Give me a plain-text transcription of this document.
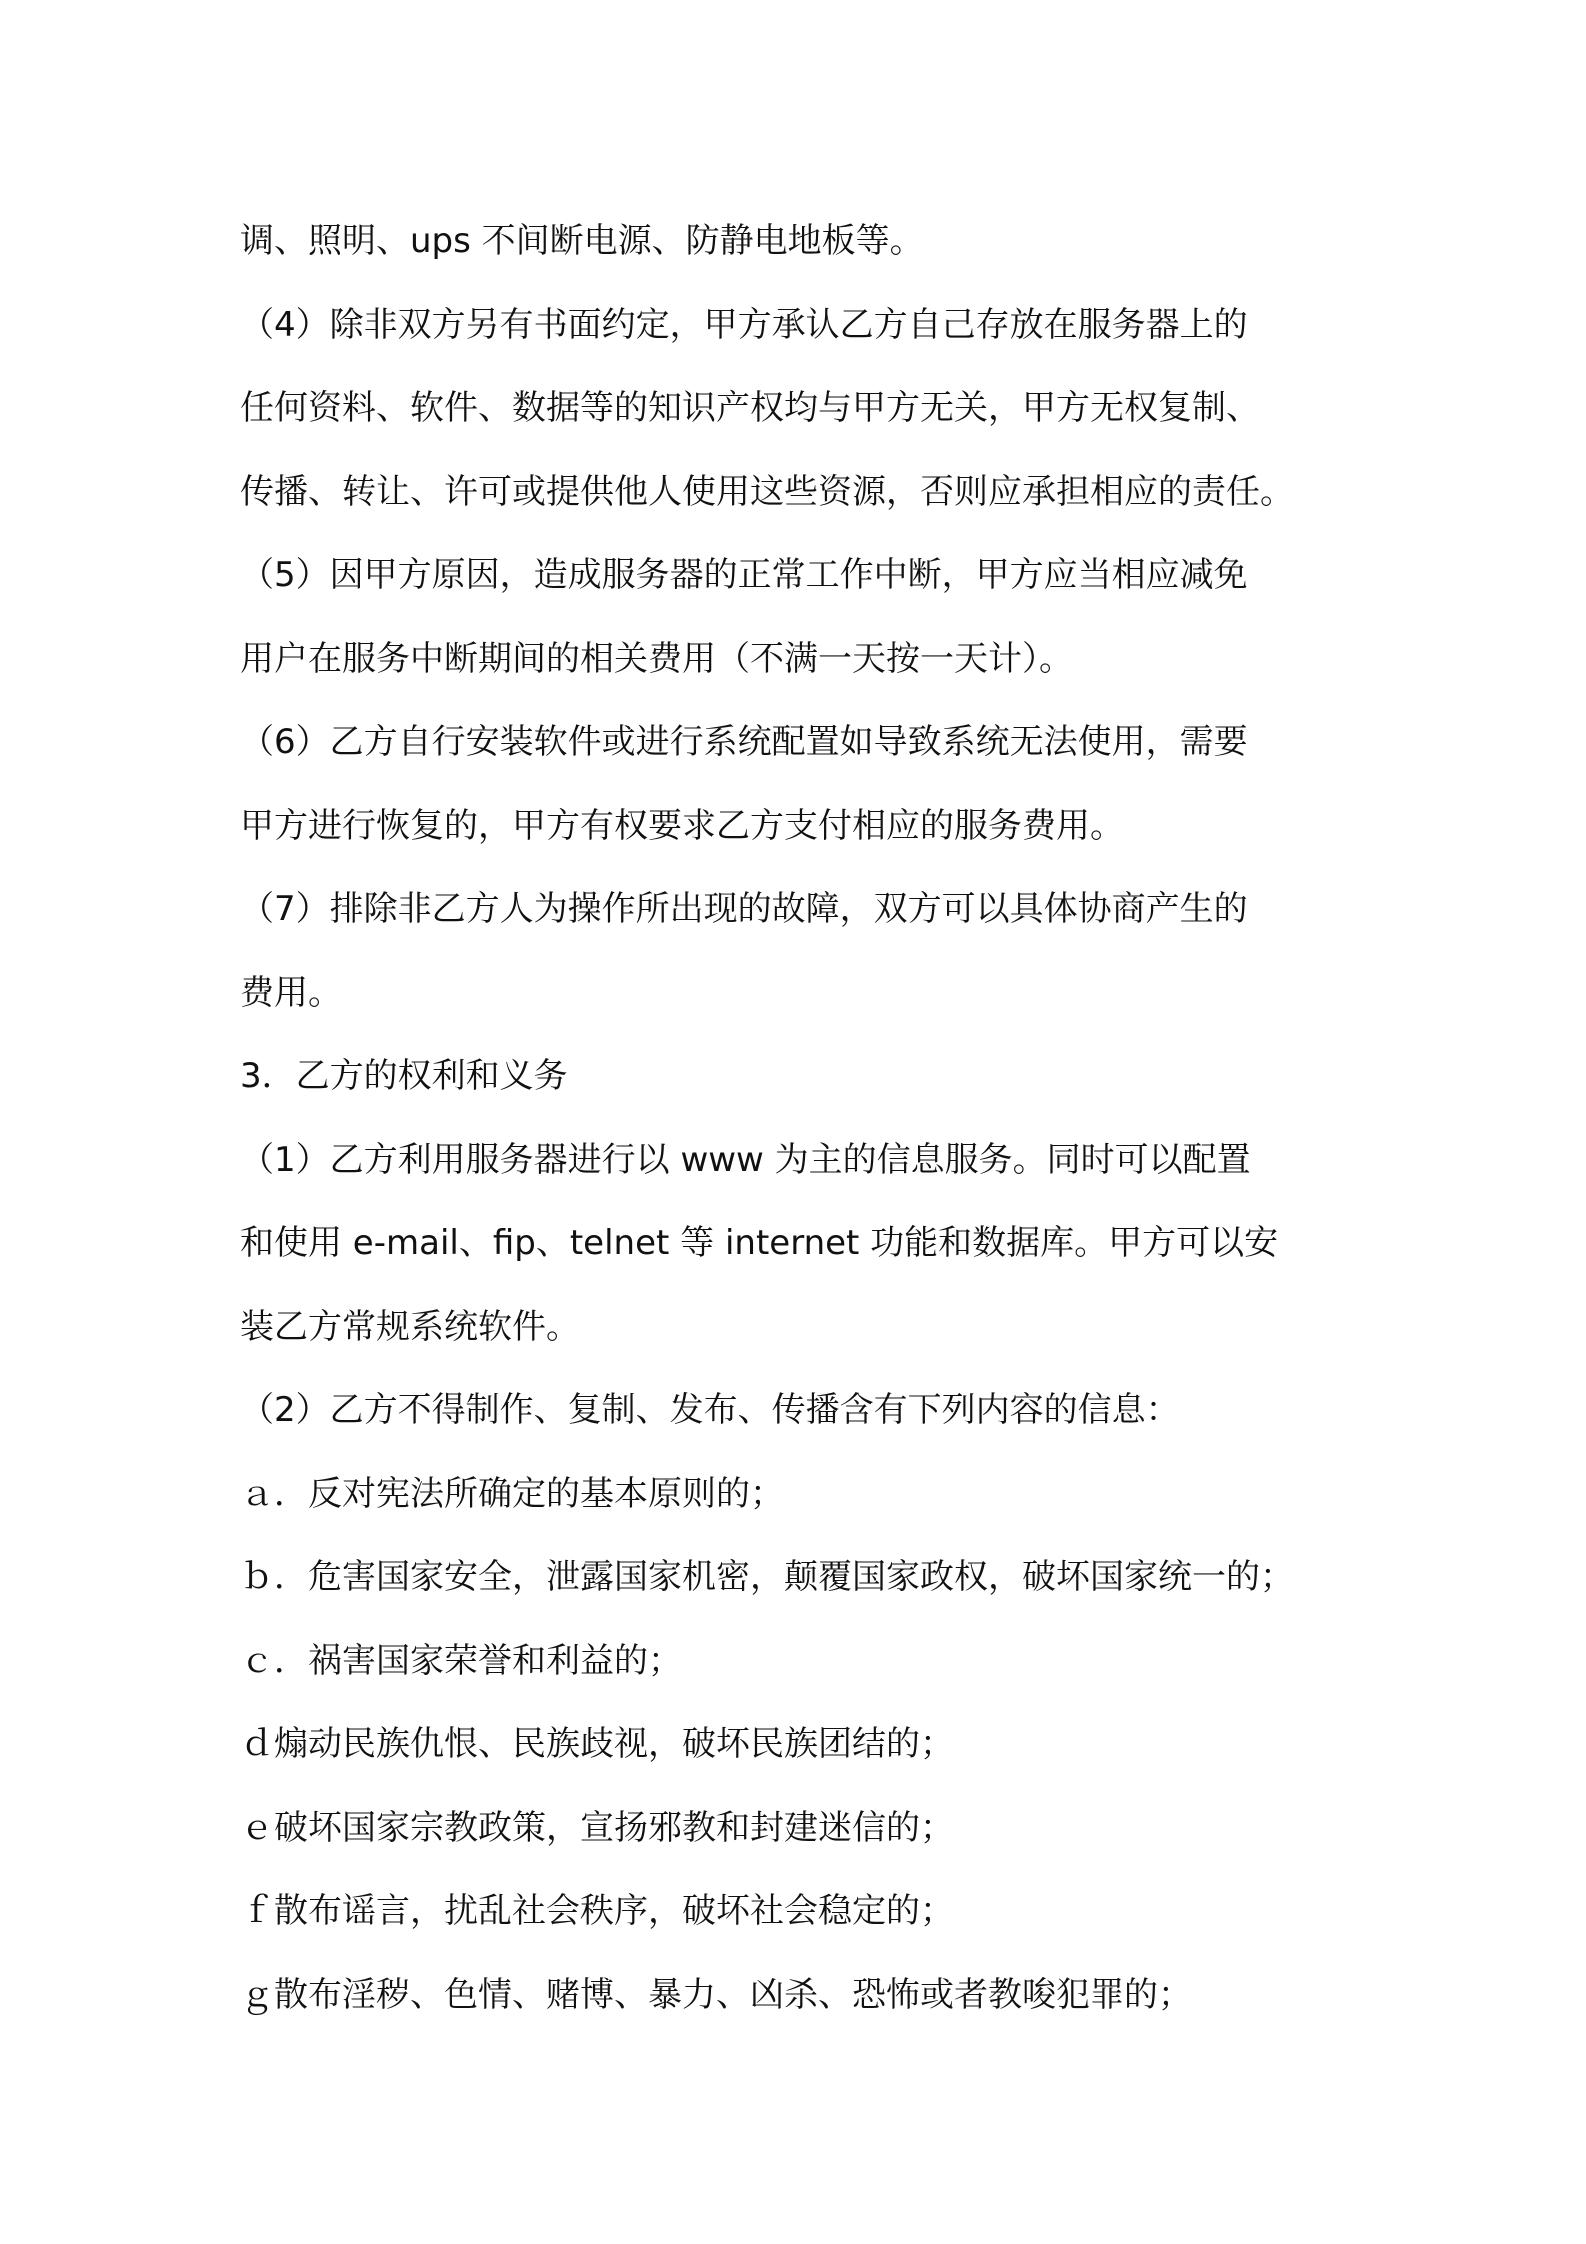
调、照明、ups 不间断电源、防静电地板等。

（4）除非双方另有书面约定，甲方承认乙方自己存放在服务器上的

任何资料、软件、数据等的知识产权均与甲方无关，甲方无权复制、

传播、转让、许可或提供他人使用这些资源，否则应承担相应的责任。

（5）因甲方原因，造成服务器的正常工作中断，甲方应当相应减免

用户在服务中断期间的相关费用（不满一天按一天计）。

（6）乙方自行安装软件或进行系统配置如导致系统无法使用，需要

甲方进行恢复的，甲方有权要求乙方支付相应的服务费用。

（7）排除非乙方人为操作所出现的故障，双方可以具体协商产生的

费用。

3．乙方的权利和义务

（1）乙方利用服务器进行以 www 为主的信息服务。同时可以配置

和使用 e-mail、fip、telnet 等 internet 功能和数据库。甲方可以安

装乙方常规系统软件。

（2）乙方不得制作、复制、发布、传播含有下列内容的信息：

ａ．反对宪法所确定的基本原则的；

ｂ．危害国家安全，泄露国家机密，颠覆国家政权，破坏国家统一的；

ｃ．祸害国家荣誉和利益的；

ｄ煽动民族仇恨、民族歧视，破坏民族团结的；

ｅ破坏国家宗教政策，宣扬邪教和封建迷信的；

ｆ散布谣言，扰乱社会秩序，破坏社会稳定的；

ｇ散布淫秽、色情、赌博、暴力、凶杀、恐怖或者教唆犯罪的；
